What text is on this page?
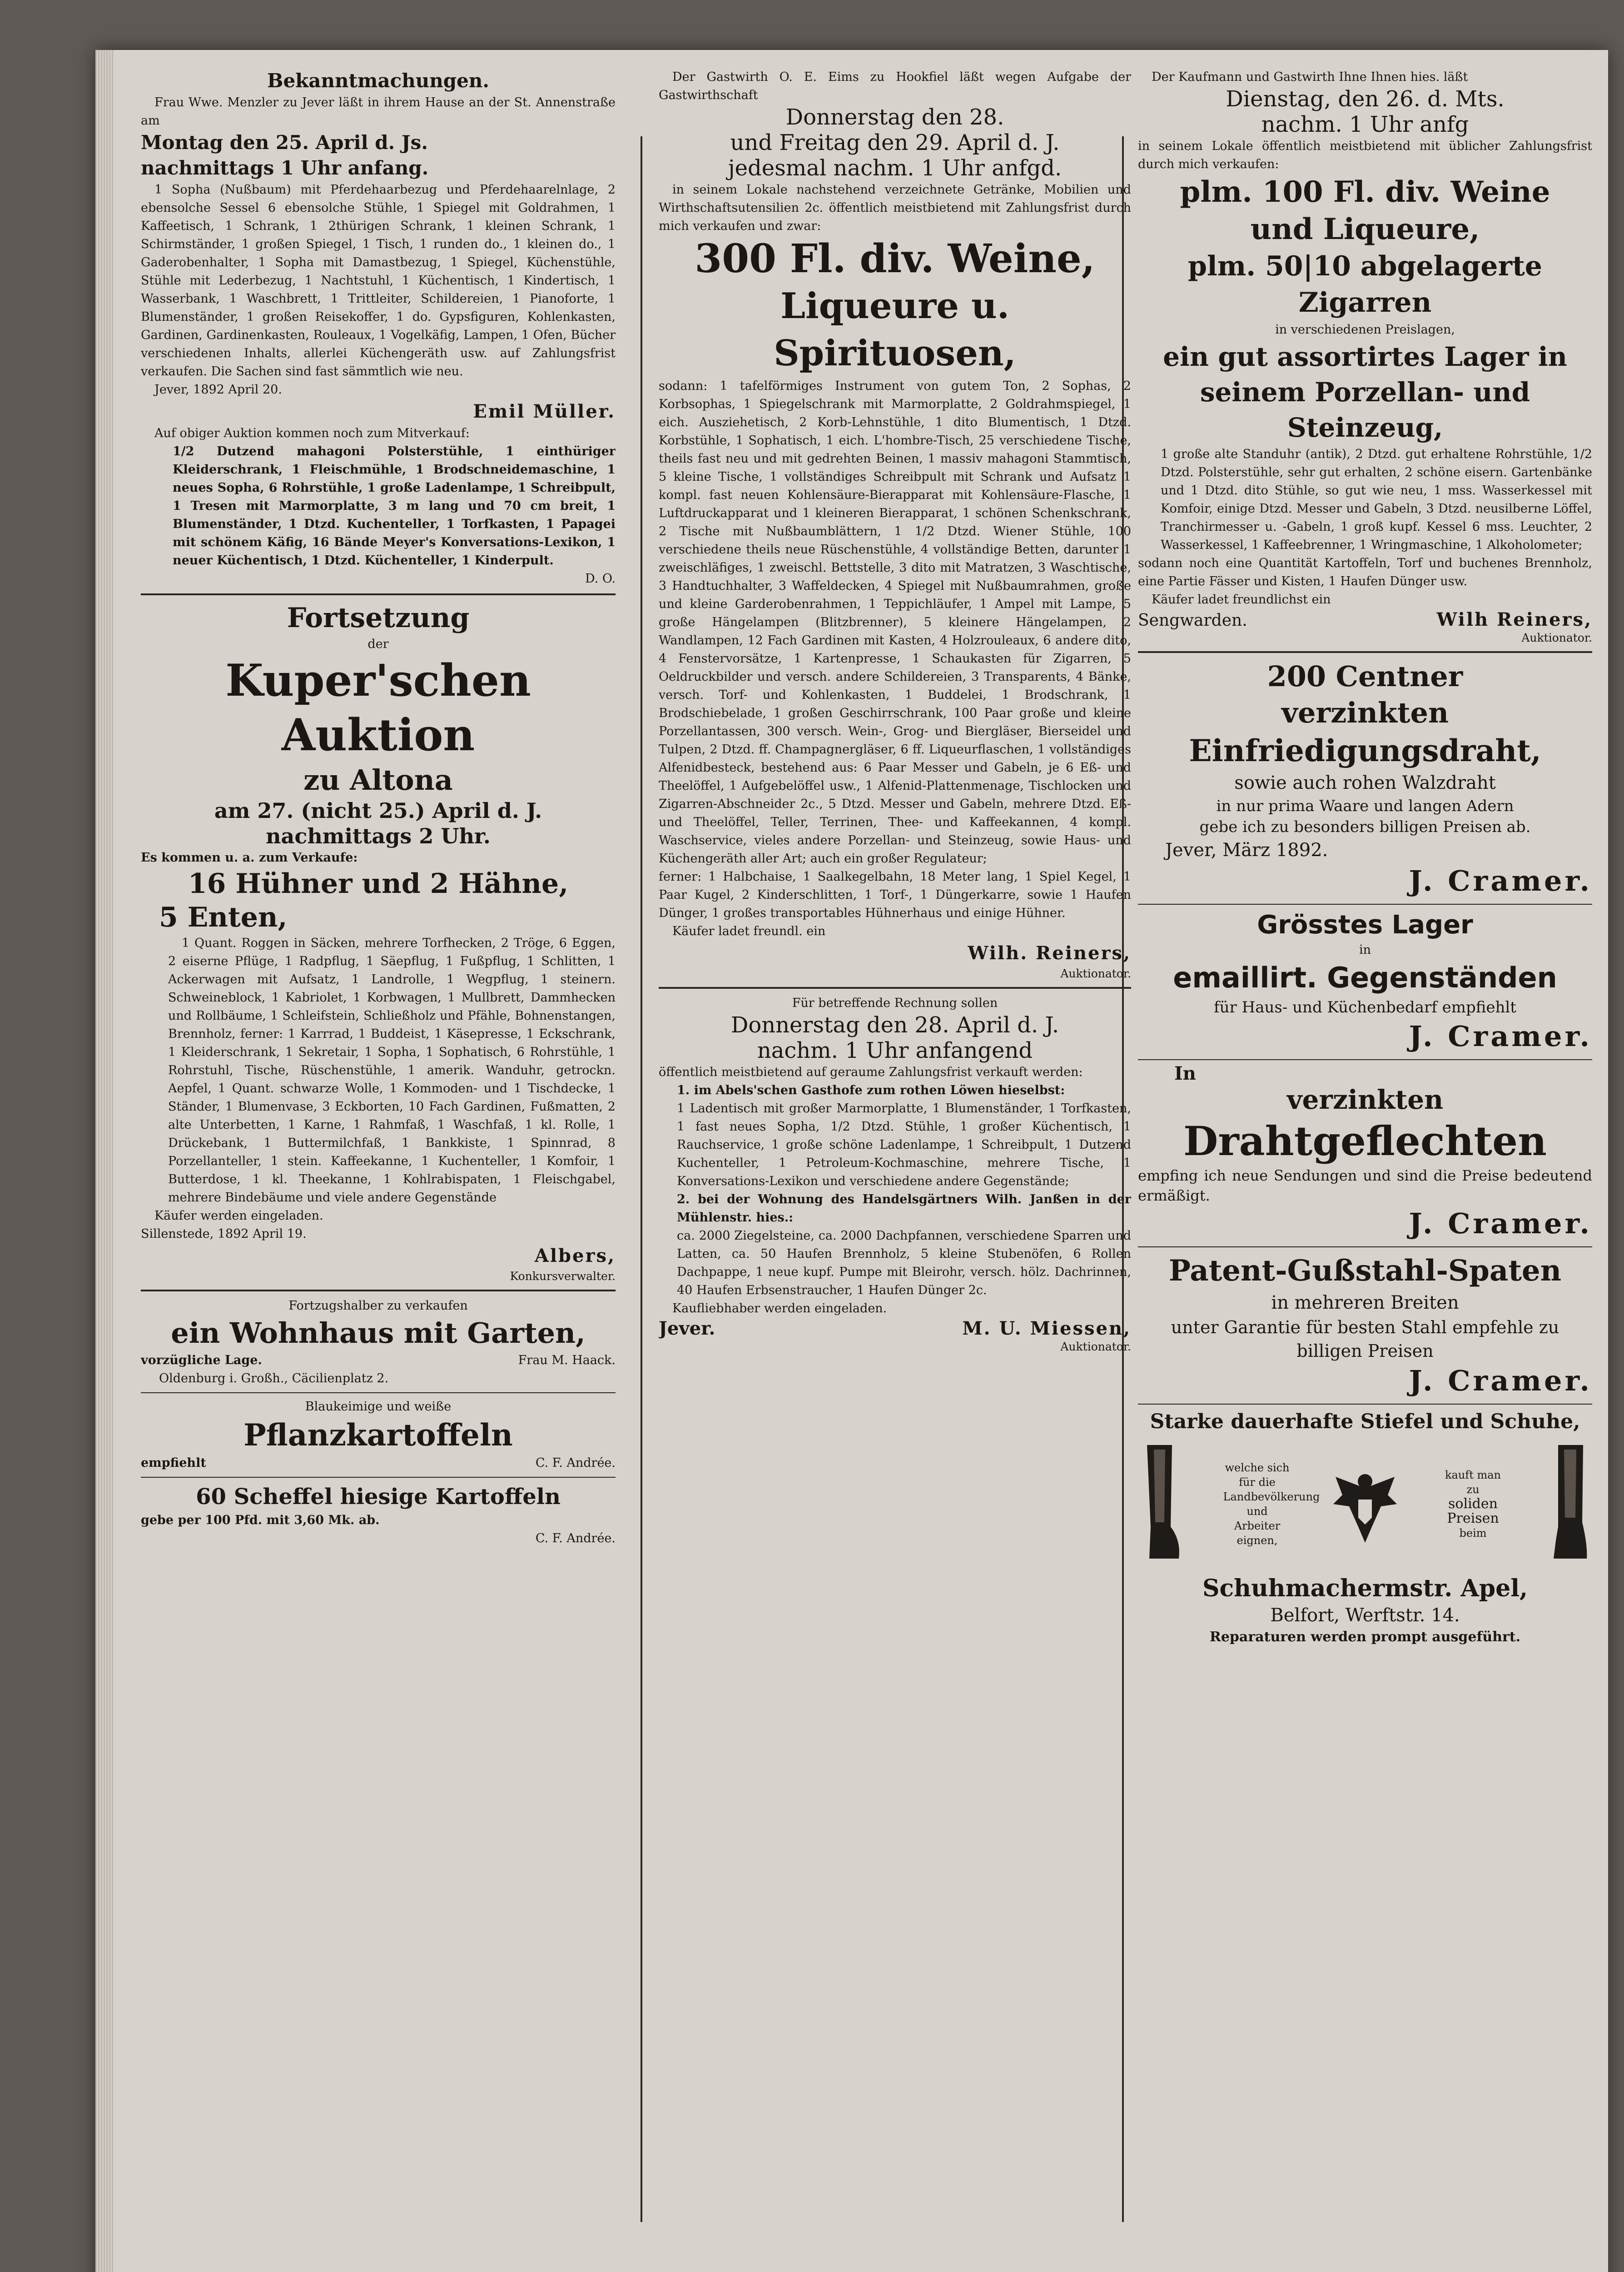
Bekanntmachungen.
Frau Wwe. Menzler zu Jever läßt in ihrem Hause an der St. Annenstraße am
Montag den 25. April d. Js.
nachmittags 1 Uhr anfang.
1 Sopha (Nußbaum) mit Pferdehaarbezug und Pferdehaarelnlage, 2 ebensolche Sessel 6 ebensolche Stühle, 1 Spiegel mit Goldrahmen, 1 Kaffeetisch, 1 Schrank, 1 2thürigen Schrank, 1 kleinen Schrank, 1 Schirmständer, 1 großen Spiegel, 1 Tisch, 1 runden do., 1 kleinen do., 1 Gaderobenhalter, 1 Sopha mit Damastbezug, 1 Spiegel, Küchenstühle, Stühle mit Lederbezug, 1 Nachtstuhl, 1 Küchentisch, 1 Kindertisch, 1 Wasserbank, 1 Waschbrett, 1 Trittleiter, Schildereien, 1 Pianoforte, 1 Blumenständer, 1 großen Reisekoffer, 1 do. Gypsfiguren, Kohlenkasten, Gardinen, Gardinenkasten, Rouleaux, 1 Vogelkäfig, Lampen, 1 Ofen, Bücher verschiedenen Inhalts, allerlei Küchengeräth usw. auf Zahlungsfrist verkaufen. Die Sachen sind fast sämmtlich wie neu.
Jever, 1892 April 20.
Emil Müller.
Auf obiger Auktion kommen noch zum Mitverkauf:
1/2 Dutzend mahagoni Polsterstühle, 1 einthüriger Kleiderschrank, 1 Fleischmühle, 1 Brodschneidemaschine, 1 neues Sopha, 6 Rohrstühle, 1 große Ladenlampe, 1 Schreibpult, 1 Tresen mit Marmorplatte, 3 m lang und 70 cm breit, 1 Blumenständer, 1 Dtzd. Kuchenteller, 1 Torfkasten, 1 Papagei mit schönem Käfig, 16 Bände Meyer's Konversations-Lexikon, 1 neuer Küchentisch, 1 Dtzd. Küchenteller, 1 Kinderpult.
D. O.
Fortsetzung
der
Kuper'schen Auktion
zu Altona
am 27. (nicht 25.) April d. J.
nachmittags 2 Uhr.
Es kommen u. a. zum Verkaufe:
16 Hühner und 2 Hähne,
5 Enten,
1 Quant. Roggen in Säcken, mehrere Torfhecken, 2 Tröge, 6 Eggen, 2 eiserne Pflüge, 1 Radpflug, 1 Säepflug, 1 Fußpflug, 1 Schlitten, 1 Ackerwagen mit Aufsatz, 1 Landrolle, 1 Wegpflug, 1 steinern. Schweineblock, 1 Kabriolet, 1 Korbwagen, 1 Mullbrett, Dammhecken und Rollbäume, 1 Schleifstein, Schließholz und Pfähle, Bohnenstangen, Brennholz, ferner: 1 Karrrad, 1 Buddeist, 1 Käsepresse, 1 Eckschrank, 1 Kleiderschrank, 1 Sekretair, 1 Sopha, 1 Sophatisch, 6 Rohrstühle, 1 Rohrstuhl, Tische, Rüschenstühle, 1 amerik. Wanduhr, getrockn. Aepfel, 1 Quant. schwarze Wolle, 1 Kommoden- und 1 Tischdecke, 1 Ständer, 1 Blumenvase, 3 Eckborten, 10 Fach Gardinen, Fußmatten, 2 alte Unterbetten, 1 Karne, 1 Rahmfaß, 1 Waschfaß, 1 kl. Rolle, 1 Drückebank, 1 Buttermilchfaß, 1 Bankkiste, 1 Spinnrad, 8 Porzellanteller, 1 stein. Kaffeekanne, 1 Kuchenteller, 1 Komfoir, 1 Butterdose, 1 kl. Theekanne, 1 Kohlrabispaten, 1 Fleischgabel, mehrere Bindebäume und viele andere Gegenstände
Käufer werden eingeladen.
Sillenstede, 1892 April 19.
Albers,
Konkursverwalter.
Fortzugshalber zu verkaufen
ein Wohnhaus mit Garten,
vorzügliche Lage.	Frau M. Haack.
Oldenburg i. Großh., Cäcilienplatz 2.
Blaukeimige und weiße
Pflanzkartoffeln
empfiehlt	C. F. Andrée.
60 Scheffel hiesige Kartoffeln
gebe per 100 Pfd. mit 3,60 Mk. ab.
C. F. Andrée.
Der Gastwirth O. E. Eims zu Hookfiel läßt wegen Aufgabe der Gastwirthschaft
Donnerstag den 28.
und Freitag den 29. April d. J.
jedesmal nachm. 1 Uhr anfgd.
in seinem Lokale nachstehend verzeichnete Getränke, Mobilien und Wirthschaftsutensilien 2c. öffentlich meistbietend mit Zahlungsfrist durch mich verkaufen und zwar:
300 Fl. div. Weine,
Liqueure u. Spirituosen,
sodann: 1 tafelförmiges Instrument von gutem Ton, 2 Sophas, 2 Korbsophas, 1 Spiegelschrank mit Marmorplatte, 2 Goldrahmspiegel, 1 eich. Ausziehetisch, 2 Korb-Lehnstühle, 1 dito Blumentisch, 1 Dtzd. Korbstühle, 1 Sophatisch, 1 eich. L'hombre-Tisch, 25 verschiedene Tische, theils fast neu und mit gedrehten Beinen, 1 massiv mahagoni Stammtisch, 5 kleine Tische, 1 vollständiges Schreibpult mit Schrank und Aufsatz 1 kompl. fast neuen Kohlensäure-Bierapparat mit Kohlensäure-Flasche, 1 Luftdruckapparat und 1 kleineren Bierapparat, 1 schönen Schenkschrank, 2 Tische mit Nußbaumblättern, 1 1/2 Dtzd. Wiener Stühle, 100 verschiedene theils neue Rüschenstühle, 4 vollständige Betten, darunter 1 zweischläfiges, 1 zweischl. Bettstelle, 3 dito mit Matratzen, 3 Waschtische, 3 Handtuchhalter, 3 Waffeldecken, 4 Spiegel mit Nußbaumrahmen, große und kleine Garderobenrahmen, 1 Teppichläufer, 1 Ampel mit Lampe, 5 große Hängelampen (Blitzbrenner), 5 kleinere Hängelampen, 2 Wandlampen, 12 Fach Gardinen mit Kasten, 4 Holzrouleaux, 6 andere dito, 4 Fenstervorsätze, 1 Kartenpresse, 1 Schaukasten für Zigarren, 5 Oeldruckbilder und versch. andere Schildereien, 3 Transparents, 4 Bänke, versch. Torf- und Kohlenkasten, 1 Buddelei, 1 Brodschrank, 1 Brodschiebelade, 1 großen Geschirrschrank, 100 Paar große und kleine Porzellantassen, 300 versch. Wein-, Grog- und Biergläser, Bierseidel und Tulpen, 2 Dtzd. ff. Champagnergläser, 6 ff. Liqueurflaschen, 1 vollständiges Alfenidbesteck, bestehend aus: 6 Paar Messer und Gabeln, je 6 Eß- und Theelöffel, 1 Aufgebelöffel usw., 1 Alfenid-Plattenmenage, Tischlocken und Zigarren-Abschneider 2c., 5 Dtzd. Messer und Gabeln, mehrere Dtzd. Eß- und Theelöffel, Teller, Terrinen, Thee- und Kaffeekannen, 4 kompl. Waschservice, vieles andere Porzellan- und Steinzeug, sowie Haus- und Küchengeräth aller Art; auch ein großer Regulateur;
ferner: 1 Halbchaise, 1 Saalkegelbahn, 18 Meter lang, 1 Spiel Kegel, 1 Paar Kugel, 2 Kinderschlitten, 1 Torf-, 1 Düngerkarre, sowie 1 Haufen Dünger, 1 großes transportables Hühnerhaus und einige Hühner.
Käufer ladet freundl. ein
Wilh. Reiners,
Auktionator.
Für betreffende Rechnung sollen
Donnerstag den 28. April d. J.
nachm. 1 Uhr anfangend
öffentlich meistbietend auf geraume Zahlungsfrist verkauft werden:
1. im Abels'schen Gasthofe zum rothen Löwen hieselbst:
1 Ladentisch mit großer Marmorplatte, 1 Blumenständer, 1 Torfkasten, 1 fast neues Sopha, 1/2 Dtzd. Stühle, 1 großer Küchentisch, 1 Rauchservice, 1 große schöne Ladenlampe, 1 Schreibpult, 1 Dutzend Kuchenteller, 1 Petroleum-Kochmaschine, mehrere Tische, 1 Konversations-Lexikon und verschiedene andere Gegenstände;
2. bei der Wohnung des Handelsgärtners Wilh. Janßen in der Mühlenstr. hies.:
ca. 2000 Ziegelsteine, ca. 2000 Dachpfannen, verschiedene Sparren und Latten, ca. 50 Haufen Brennholz, 5 kleine Stubenöfen, 6 Rollen Dachpappe, 1 neue kupf. Pumpe mit Bleirohr, versch. hölz. Dachrinnen, 40 Haufen Erbsenstraucher, 1 Haufen Dünger 2c.
Kaufliebhaber werden eingeladen.
Jever.	M. U. Miessen,
Auktionator.
Der Kaufmann und Gastwirth Ihne Ihnen hies. läßt
Dienstag, den 26. d. Mts.
nachm. 1 Uhr anfg
in seinem Lokale öffentlich meistbietend mit üblicher Zahlungsfrist durch mich verkaufen:
plm. 100 Fl. div. Weine
und Liqueure,
plm. 50|10 abgelagerte Zigarren
in verschiedenen Preislagen,
ein gut assortirtes Lager in seinem Porzellan- und Steinzeug,
1 große alte Standuhr (antik), 2 Dtzd. gut erhaltene Rohrstühle, 1/2 Dtzd. Polsterstühle, sehr gut erhalten, 2 schöne eisern. Gartenbänke und 1 Dtzd. dito Stühle, so gut wie neu, 1 mss. Wasserkessel mit Komfoir, einige Dtzd. Messer und Gabeln, 3 Dtzd. neusilberne Löffel, Tranchirmesser u. -Gabeln, 1 groß kupf. Kessel 6 mss. Leuchter, 2 Wasserkessel, 1 Kaffeebrenner, 1 Wringmaschine, 1 Alkoholometer;
sodann noch eine Quantität Kartoffeln, Torf und buchenes Brennholz, eine Partie Fässer und Kisten, 1 Haufen Dünger usw.
Käufer ladet freundlichst ein
Sengwarden.	Wilh Reiners,
Auktionator.
200 Centner
verzinkten
Einfriedigungsdraht,
sowie auch rohen Walzdraht
in nur prima Waare und langen Adern
gebe ich zu besonders billigen Preisen ab.
Jever, März 1892.
J. Cramer.
Grösstes Lager
in
emaillirt. Gegenständen
für Haus- und Küchenbedarf empfiehlt
J. Cramer.
In
verzinkten
Drahtgeflechten
empfing ich neue Sendungen und sind die Preise bedeutend ermäßigt.
J. Cramer.
Patent-Gußstahl-Spaten
in mehreren Breiten
unter Garantie für besten Stahl empfehle zu billigen Preisen
J. Cramer.
Starke dauerhafte Stiefel und Schuhe,
welche sich für die Landbevölkerung und Arbeiter eignen,
kauft man
zu
soliden
Preisen
beim
Schuhmachermstr. Apel,
Belfort, Werftstr. 14.
Reparaturen werden prompt ausgeführt.
